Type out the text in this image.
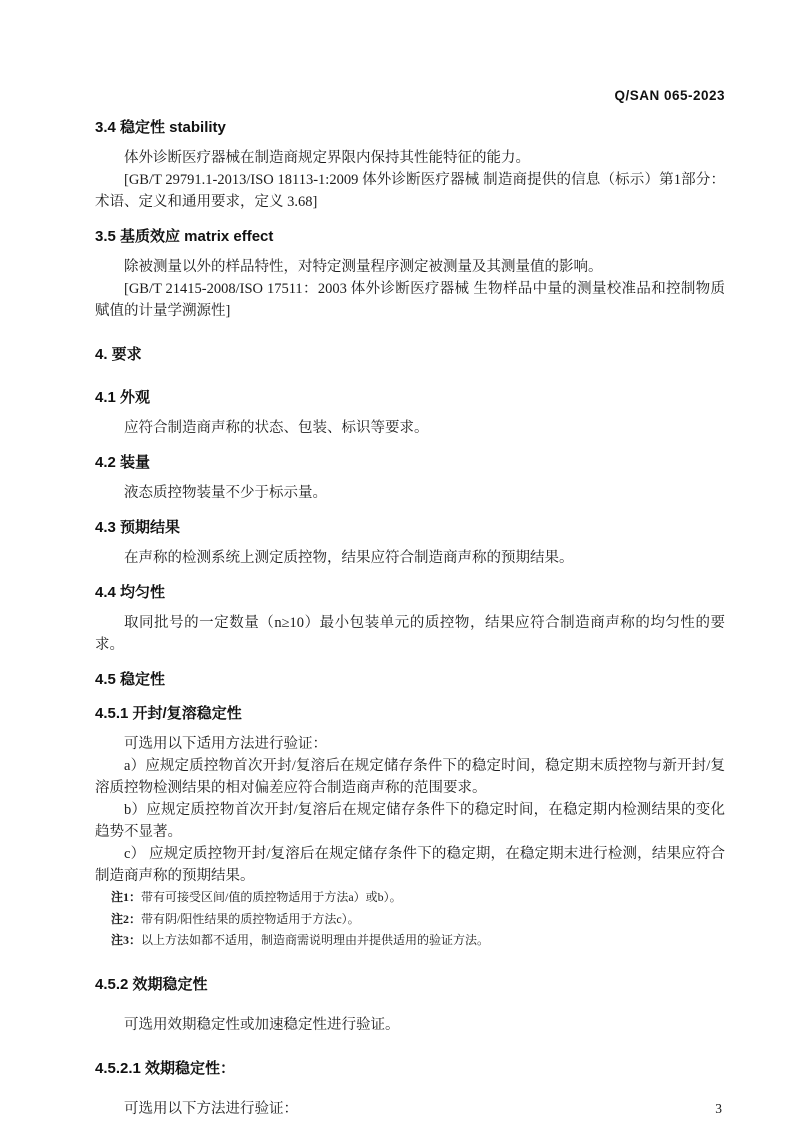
Q/SAN 065-2023
3.4 稳定性 stability

体外诊断医疗器械在制造商规定界限内保持其性能特征的能力。

[GB/T 29791.1-2013/ISO 18113-1:2009 体外诊断医疗器械 制造商提供的信息（标示）第1部分：术语、定义和通用要求，定义 3.68]

3.5 基质效应 matrix effect

除被测量以外的样品特性，对特定测量程序测定被测量及其测量值的影响。

[GB/T 21415-2008/ISO 17511：2003 体外诊断医疗器械 生物样品中量的测量校准品和控制物质赋值的计量学溯源性]

4. 要求
4.1 外观

应符合制造商声称的状态、包装、标识等要求。

4.2 装量

液态质控物装量不少于标示量。

4.3 预期结果

在声称的检测系统上测定质控物，结果应符合制造商声称的预期结果。

4.4 均匀性

取同批号的一定数量（n≥10）最小包装单元的质控物，结果应符合制造商声称的均匀性的要求。

4.5 稳定性
4.5.1 开封/复溶稳定性

可选用以下适用方法进行验证：

a）应规定质控物首次开封/复溶后在规定储存条件下的稳定时间，稳定期末质控物与新开封/复溶质控物检测结果的相对偏差应符合制造商声称的范围要求。

b）应规定质控物首次开封/复溶后在规定储存条件下的稳定时间，在稳定期内检测结果的变化趋势不显著。

c） 应规定质控物开封/复溶后在规定储存条件下的稳定期，在稳定期末进行检测，结果应符合制造商声称的预期结果。

注1：带有可接受区间/值的质控物适用于方法a）或b）。

注2：带有阴/阳性结果的质控物适用于方法c）。

注3：以上方法如都不适用，制造商需说明理由并提供适用的验证方法。

4.5.2 效期稳定性

可选用效期稳定性或加速稳定性进行验证。

4.5.2.1 效期稳定性：

可选用以下方法进行验证：	3
